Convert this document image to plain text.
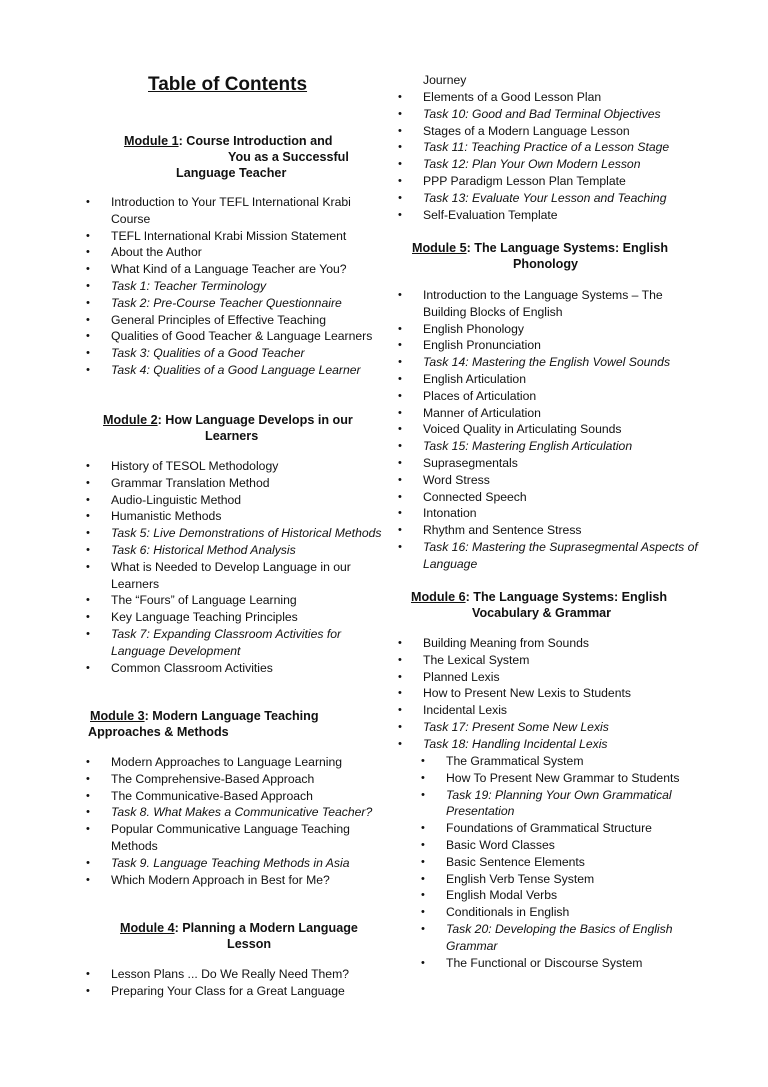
Table of Contents
Module 1: Course Introduction and
You as a Successful
Language Teacher
• Introduction to Your TEFL International Krabi Course
• TEFL International Krabi Mission Statement
• About the Author
• What Kind of a Language Teacher are You?
• Task 1: Teacher Terminology
• Task 2: Pre-Course Teacher Questionnaire
• General Principles of Effective Teaching
• Qualities of Good Teacher & Language Learners
• Task 3: Qualities of a Good Teacher
• Task 4: Qualities of a Good Language Learner
Module 2: How Language Develops in our
Learners
• History of TESOL Methodology
• Grammar Translation Method
• Audio-Linguistic Method
• Humanistic Methods
• Task 5: Live Demonstrations of Historical Methods
• Task 6: Historical Method Analysis
• What is Needed to Develop Language in our Learners
• The “Fours” of Language Learning
• Key Language Teaching Principles
• Task 7: Expanding Classroom Activities for Language Development
• Common Classroom Activities
Module 3: Modern Language Teaching
Approaches & Methods
• Modern Approaches to Language Learning
• The Comprehensive-Based Approach
• The Communicative-Based Approach
• Task 8. What Makes a Communicative Teacher?
• Popular Communicative Language Teaching Methods
• Task 9. Language Teaching Methods in Asia
• Which Modern Approach in Best for Me?
Module 4: Planning a Modern Language
Lesson
• Lesson Plans ... Do We Really Need Them?
• Preparing Your Class for a Great Language
Journey
• Elements of a Good Lesson Plan
• Task 10: Good and Bad Terminal Objectives
• Stages of a Modern Language Lesson
• Task 11: Teaching Practice of a Lesson Stage
• Task 12: Plan Your Own Modern Lesson
• PPP Paradigm Lesson Plan Template
• Task 13: Evaluate Your Lesson and Teaching
• Self-Evaluation Template
Module 5: The Language Systems: English
Phonology
• Introduction to the Language Systems – The Building Blocks of English
• English Phonology
• English Pronunciation
• Task 14: Mastering the English Vowel Sounds
• English Articulation
• Places of Articulation
• Manner of Articulation
• Voiced Quality in Articulating Sounds
• Task 15: Mastering English Articulation
• Suprasegmentals
• Word Stress
• Connected Speech
• Intonation
• Rhythm and Sentence Stress
• Task 16: Mastering the Suprasegmental Aspects of Language
Module 6: The Language Systems: English
Vocabulary & Grammar
• Building Meaning from Sounds
• The Lexical System
• Planned Lexis
• How to Present New Lexis to Students
• Incidental Lexis
• Task 17: Present Some New Lexis
• Task 18: Handling Incidental Lexis
• The Grammatical System
• How To Present New Grammar to Students
• Task 19: Planning Your Own Grammatical Presentation
• Foundations of Grammatical Structure
• Basic Word Classes
• Basic Sentence Elements
• English Verb Tense System
• English Modal Verbs
• Conditionals in English
• Task 20: Developing the Basics of English Grammar
• The Functional or Discourse System
